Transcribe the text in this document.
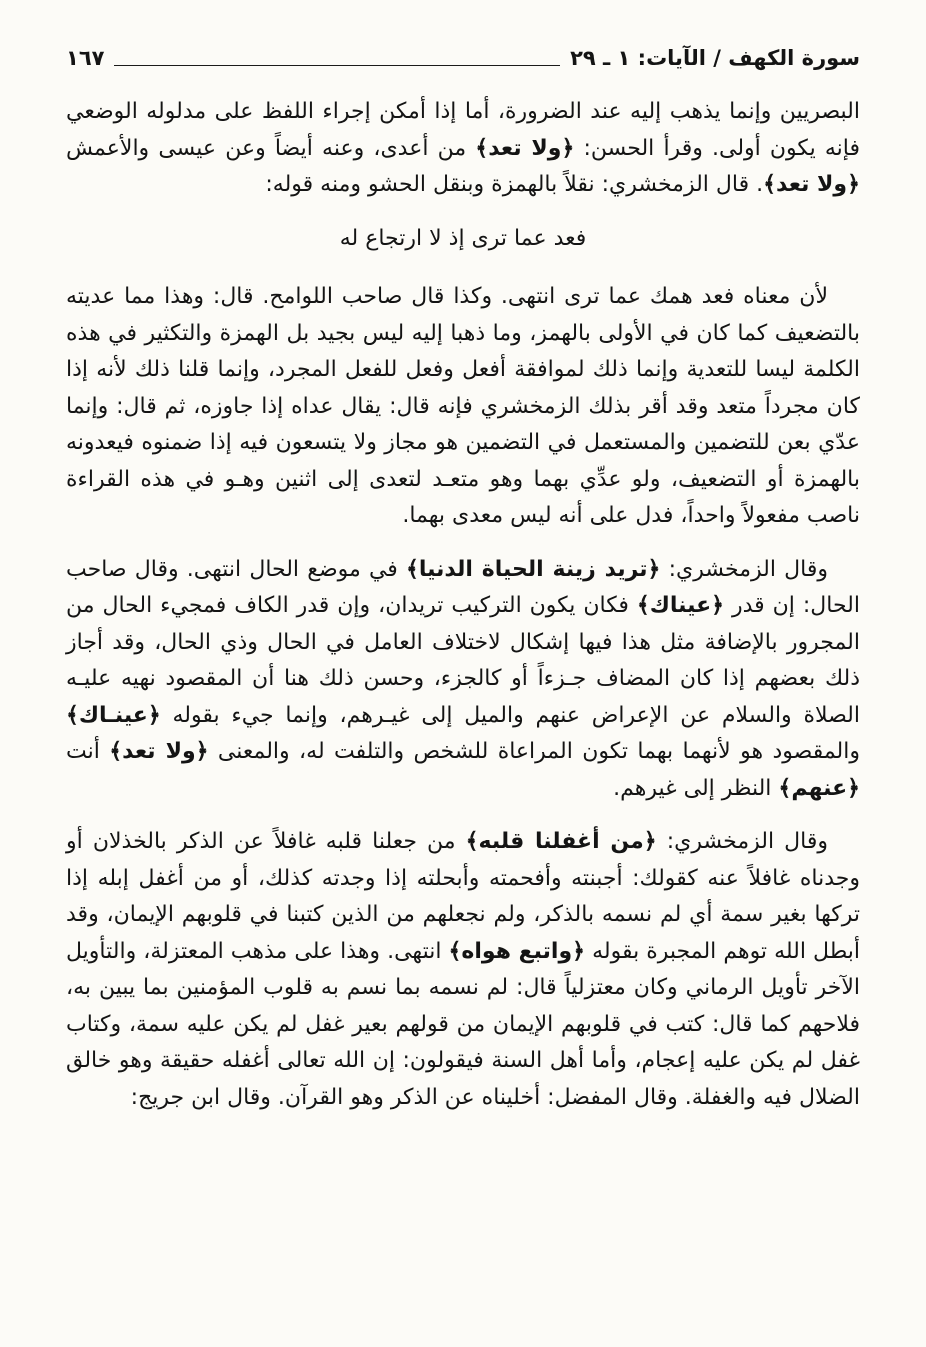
سورة الكهف / الآيات: ١ ـ ٢٩
١٦٧

البصريين وإنما يذهب إليه عند الضرورة، أما إذا أمكن إجراء اللفظ على مدلوله الوضعي فإنه يكون أولى. وقرأ الحسن: ﴿ولا تعد﴾ من أعدى، وعنه أيضاً وعن عيسى والأعمش ﴿ولا تعد﴾. قال الزمخشري: نقلاً بالهمزة وبنقل الحشو ومنه قوله:

فعد عما ترى إذ لا ارتجاع له

لأن معناه فعد همك عما ترى انتهى. وكذا قال صاحب اللوامح. قال: وهذا مما عديته بالتضعيف كما كان في الأولى بالهمز، وما ذهبا إليه ليس بجيد بل الهمزة والتكثير في هذه الكلمة ليسا للتعدية وإنما ذلك لموافقة أفعل وفعل للفعل المجرد، وإنما قلنا ذلك لأنه إذا كان مجرداً متعد وقد أقر بذلك الزمخشري فإنه قال: يقال عداه إذا جاوزه، ثم قال: وإنما عدّي بعن للتضمين والمستعمل في التضمين هو مجاز ولا يتسعون فيه إذا ضمنوه فيعدونه بالهمزة أو التضعيف، ولو عدِّي بهما وهو متعـد لتعدى إلى اثنين وهـو في هذه القراءة ناصب مفعولاً واحداً، فدل على أنه ليس معدى بهما.

وقال الزمخشري: ﴿تريد زينة الحياة الدنيا﴾ في موضع الحال انتهى. وقال صاحب الحال: إن قدر ﴿عيناك﴾ فكان يكون التركيب تريدان، وإن قدر الكاف فمجيء الحال من المجرور بالإضافة مثل هذا فيها إشكال لاختلاف العامل في الحال وذي الحال، وقد أجاز ذلك بعضهم إذا كان المضاف جـزءاً أو كالجزء، وحسن ذلك هنا أن المقصود نهيه عليـه الصلاة والسلام عن الإعراض عنهم والميل إلى غيـرهم، وإنما جيء بقوله ﴿عينـاك﴾ والمقصود هو لأنهما بهما تكون المراعاة للشخص والتلفت له، والمعنى ﴿ولا تعد﴾ أنت ﴿عنهم﴾ النظر إلى غيرهم.

وقال الزمخشري: ﴿من أغفلنا قلبه﴾ من جعلنا قلبه غافلاً عن الذكر بالخذلان أو وجدناه غافلاً عنه كقولك: أجبنته وأفحمته وأبحلته إذا وجدته كذلك، أو من أغفل إبله إذا تركها بغير سمة أي لم نسمه بالذكر، ولم نجعلهم من الذين كتبنا في قلوبهم الإيمان، وقد أبطل الله توهم المجبرة بقوله ﴿واتبع هواه﴾ انتهى. وهذا على مذهب المعتزلة، والتأويل الآخر تأويل الرماني وكان معتزلياً قال: لم نسمه بما نسم به قلوب المؤمنين بما يبين به، فلاحهم كما قال: كتب في قلوبهم الإيمان من قولهم بعير غفل لم يكن عليه سمة، وكتاب غفل لم يكن عليه إعجام، وأما أهل السنة فيقولون: إن الله تعالى أغفله حقيقة وهو خالق الضلال فيه والغفلة. وقال المفضل: أخليناه عن الذكر وهو القرآن. وقال ابن جريج:
